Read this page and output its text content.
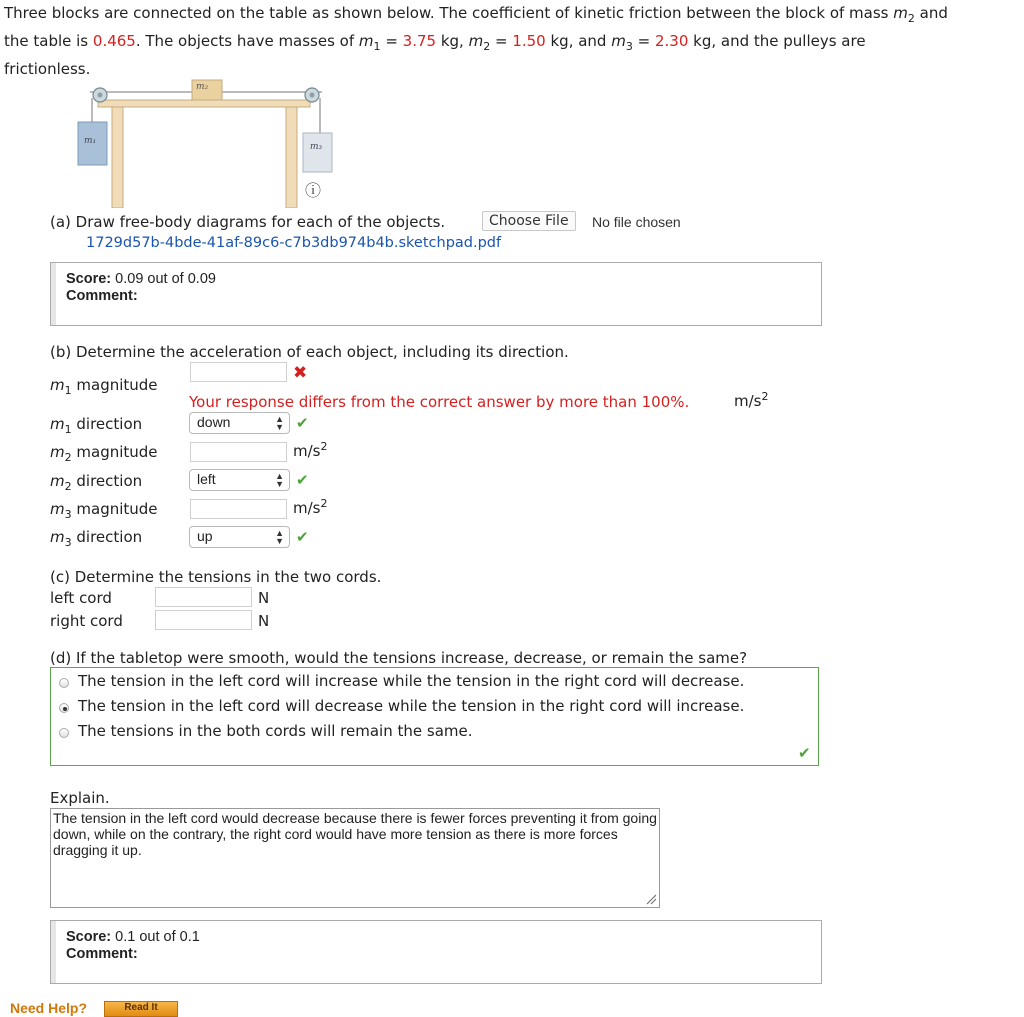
Three blocks are connected on the table as shown below. The coefficient of kinetic friction between the block of mass $m_2$ and
the table is 0.465. The objects have masses of $m_1 = 3.75$ kg, $m_2 = 1.50$ kg, and $m_3 = 2.30$ kg, and the pulleys are
frictionless.
m₂
m₁
m₃
ⓘ
(a) Draw free-body diagrams for each of the objects.	Choose File	No file chosen
1729d57b-4bde-41af-89c6-c7b3db974b4b.sketchpad.pdf
Score: 0.09 out of 0.09
Comment:
(b) Determine the acceleration of each object, including its direction.
$m_1$ magnitude
✖
Your response differs from the correct answer by more than 100%.	$m/s^2$
$m_1$ direction	down	▲
▼ ✔
$m_2$ magnitude	$m/s^2$
$m_2$ direction	left	▲
▼ ✔
$m_3$ magnitude	$m/s^2$
$m_3$ direction	up	▲
▼ ✔
(c) Determine the tensions in the two cords.
left cord	N
right cord	N
(d) If the tabletop were smooth, would the tensions increase, decrease, or remain the same?
The tension in the left cord will increase while the tension in the right cord will decrease.
The tension in the left cord will decrease while the tension in the right cord will increase.
The tensions in the both cords will remain the same.
✔
Explain.
The tension in the left cord would decrease because there is fewer forces preventing it from going down, while on the contrary, the right cord would have more tension as there is more forces dragging it up.
Score: 0.1 out of 0.1
Comment:
Need Help?	Read It
